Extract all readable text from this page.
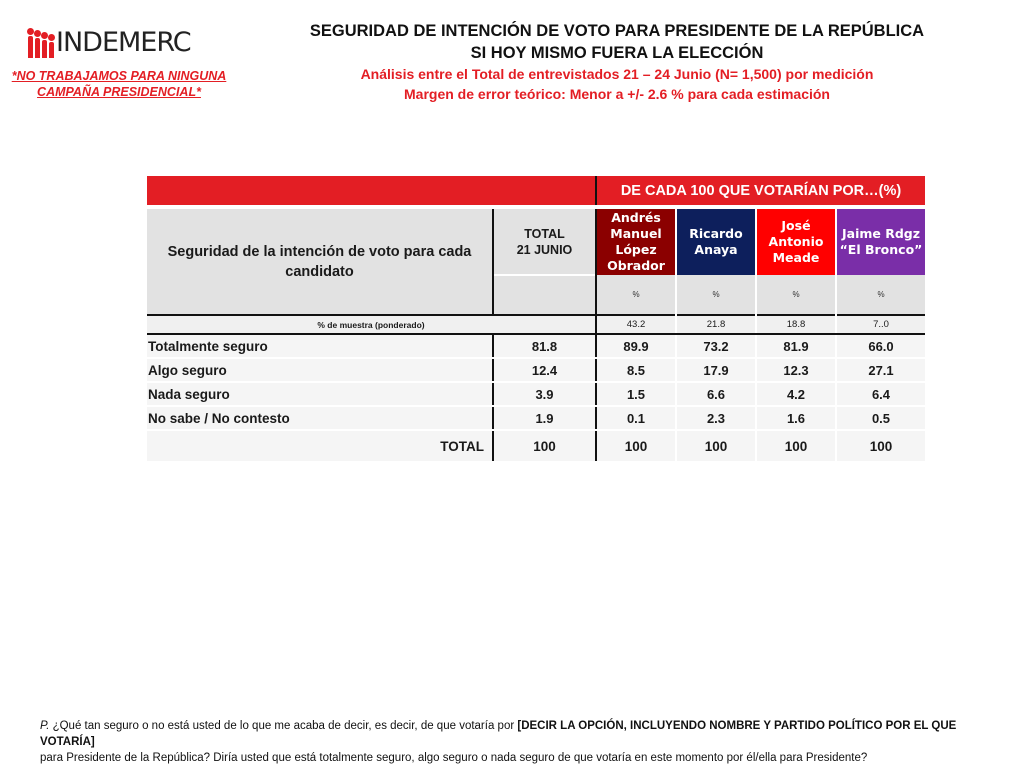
INDEMERC
*NO TRABAJAMOS PARA NINGUNA
CAMPAÑA PRESIDENCIAL*
SEGURIDAD DE INTENCIÓN DE VOTO PARA PRESIDENTE DE LA REPÚBLICA
SI HOY MISMO FUERA LA ELECCIÓN
Análisis entre el Total de entrevistados 21 – 24 Junio (N= 1,500) por medición
Margen de error teórico: Menor a +/- 2.6 % para cada estimación
		DE CADA 100 QUE VOTARÍAN POR…(%)			

Seguridad de la intención de voto para cada candidato	TOTAL
21 JUNIO	Andrés Manuel López Obrador	Ricardo Anaya	José Antonio Meade	Jaime Rdgz “El Bronco”
		%	%	%	%
% de muestra (ponderado)		43.2	21.8	18.8	7..0
Totalmente seguro	81.8	89.9	73.2	81.9	66.0
Algo seguro	12.4	8.5	17.9	12.3	27.1
Nada seguro	3.9	1.5	6.6	4.2	6.4
No sabe / No contesto	1.9	0.1	2.3	1.6	0.5
TOTAL	100	100	100	100	100
P. ¿Qué tan seguro o no está usted de lo que me acaba de decir, es decir, de que votaría por [DECIR LA OPCIÓN, INCLUYENDO NOMBRE Y PARTIDO POLÍTICO POR EL QUE VOTARÍA]
para Presidente de la República? Diría usted que está totalmente seguro, algo seguro o nada seguro de que votaría en este momento por él/ella para Presidente?
